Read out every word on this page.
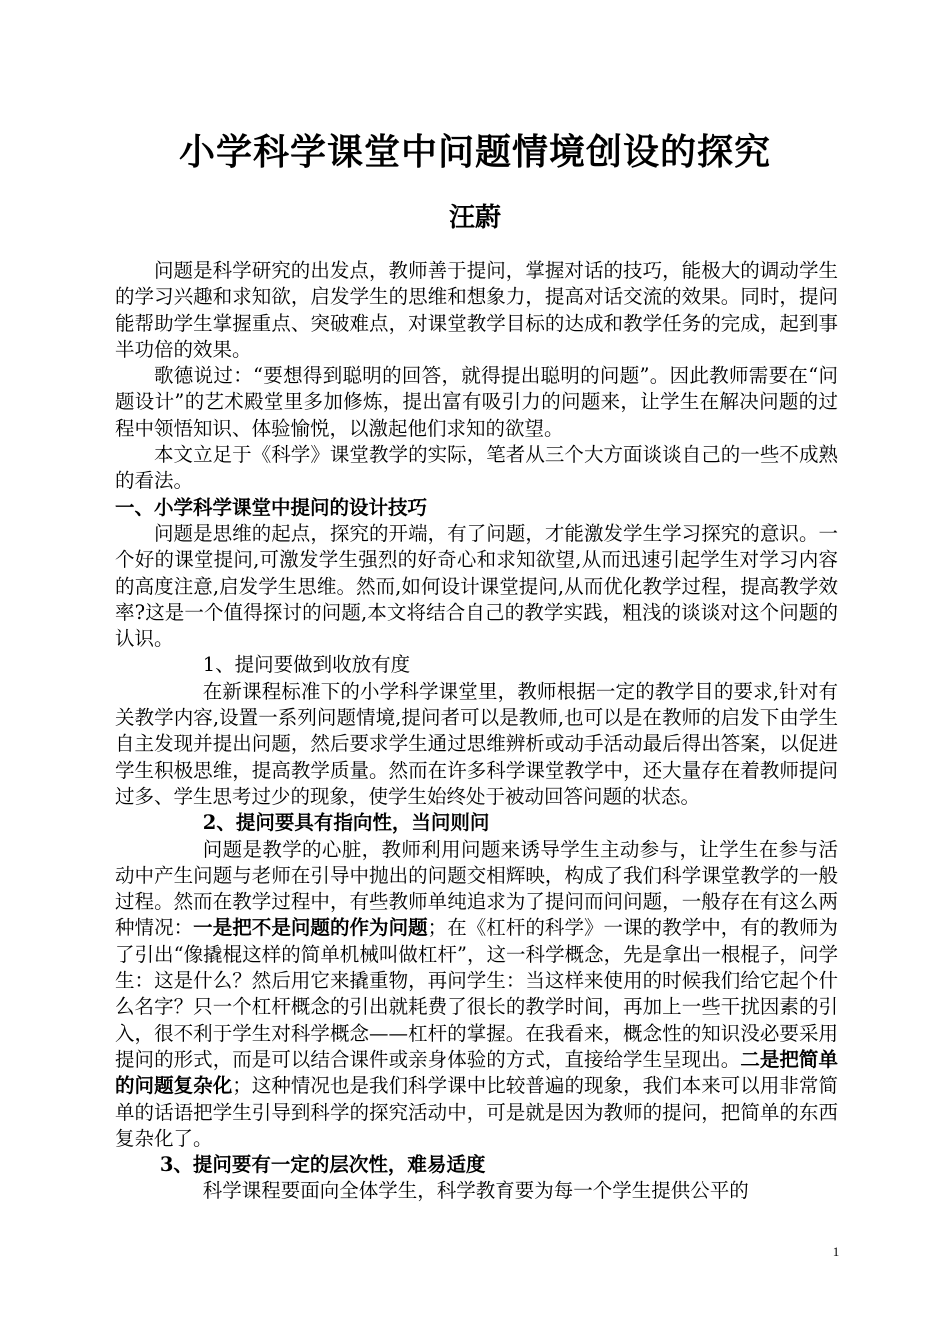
小学科学课堂中问题情境创设的探究
汪蔚

问题是科学研究的出发点，教师善于提问，掌握对话的技巧，能极大的调动学生的学习兴趣和求知欲，启发学生的思维和想象力，提高对话交流的效果。同时，提问能帮助学生掌握重点、突破难点，对课堂教学目标的达成和教学任务的完成，起到事半功倍的效果。

歌德说过：“要想得到聪明的回答，就得提出聪明的问题”。因此教师需要在“问题设计”的艺术殿堂里多加修炼，提出富有吸引力的问题来，让学生在解决问题的过程中领悟知识、体验愉悦，以激起他们求知的欲望。

本文立足于《科学》课堂教学的实际，笔者从三个大方面谈谈自己的一些不成熟的看法。

一、小学科学课堂中提问的设计技巧

问题是思维的起点，探究的开端，有了问题，才能激发学生学习探究的意识。一个好的课堂提问,可激发学生强烈的好奇心和求知欲望,从而迅速引起学生对学习内容的高度注意,启发学生思维。然而,如何设计课堂提问,从而优化教学过程，提高教学效率?这是一个值得探讨的问题,本文将结合自己的教学实践，粗浅的谈谈对这个问题的认识。

1、提问要做到收放有度

在新课程标准下的小学科学课堂里，教师根据一定的教学目的要求,针对有关教学内容,设置一系列问题情境,提问者可以是教师,也可以是在教师的启发下由学生自主发现并提出问题，然后要求学生通过思维辨析或动手活动最后得出答案，以促进学生积极思维，提高教学质量。然而在许多科学课堂教学中，还大量存在着教师提问过多、学生思考过少的现象，使学生始终处于被动回答问题的状态。

2、提问要具有指向性，当问则问

问题是教学的心脏，教师利用问题来诱导学生主动参与，让学生在参与活动中产生问题与老师在引导中抛出的问题交相辉映，构成了我们科学课堂教学的一般过程。然而在教学过程中，有些教师单纯追求为了提问而问问题，一般存在有这么两种情况：一是把不是问题的作为问题；在《杠杆的科学》一课的教学中，有的教师为了引出“像撬棍这样的简单机械叫做杠杆”，这一科学概念，先是拿出一根棍子，问学生：这是什么？然后用它来撬重物，再问学生：当这样来使用的时候我们给它起个什么名字？只一个杠杆概念的引出就耗费了很长的教学时间，再加上一些干扰因素的引入，很不利于学生对科学概念——杠杆的掌握。在我看来，概念性的知识没必要采用提问的形式，而是可以结合课件或亲身体验的方式，直接给学生呈现出。二是把简单的问题复杂化；这种情况也是我们科学课中比较普遍的现象，我们本来可以用非常简单的话语把学生引导到科学的探究活动中，可是就是因为教师的提问，把简单的东西复杂化了。

3、提问要有一定的层次性，难易适度

科学课程要面向全体学生，科学教育要为每一个学生提供公平的

1
